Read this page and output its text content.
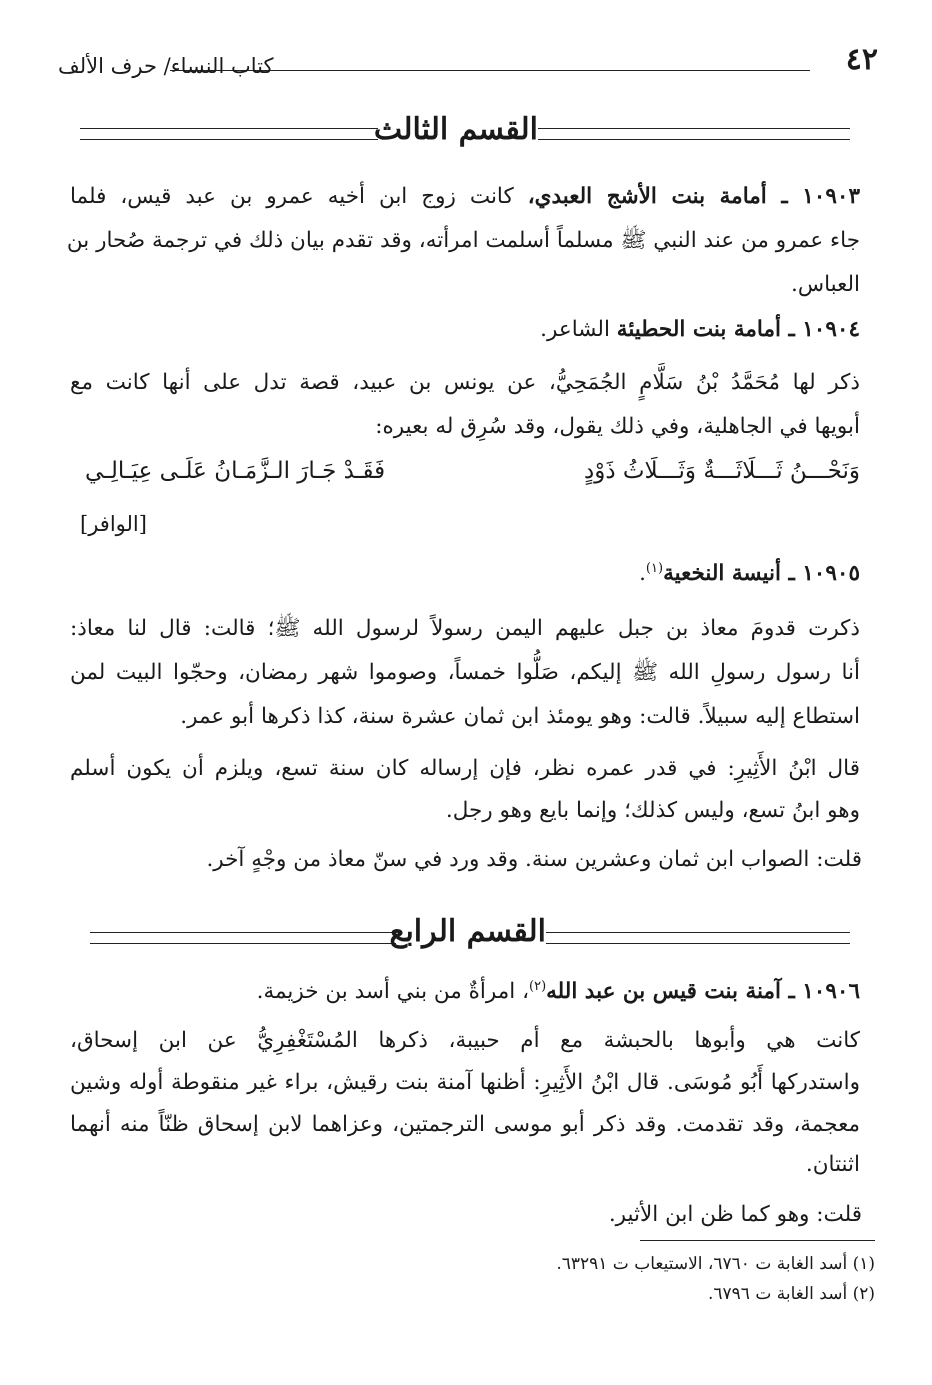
٤٢
كتاب النساء/ حرف الألف
القسم الثالث
١٠٩٠٣ ـ أمامة بنت الأشج العبدي، كانت زوج ابن أخيه عمرو بن عبد قيس، فلما
جاء عمرو من عند النبي ﷺ مسلماً أسلمت امرأته، وقد تقدم بيان ذلك في ترجمة صُحار بن
العباس.
١٠٩٠٤ ـ أمامة بنت الحطيئة الشاعر.
ذكر لها مُحَمَّدُ بْنُ سَلَّامٍ الجُمَحِيُّ، عن يونس بن عبيد، قصة تدل على أنها كانت مع
أبويها في الجاهلية، وفي ذلك يقول، وقد سُرِق له بعيره:
وَنَحْـــنُ ثَـــلَاثَـــةٌ وَثَـــلَاثُ ذَوْدٍ
فَقَـدْ جَـارَ الـزَّمَـانُ عَلَـى عِيَـالِـي
[الوافر]
١٠٩٠٥ ـ أنيسة النخعية$^{(١)}$.
ذكرت قدومَ معاذ بن جبل عليهم اليمن رسولاً لرسول الله ﷺ؛ قالت: قال لنا معاذ:
أنا رسول رسولِ الله ﷺ إليكم، صَلُّوا خمساً، وصوموا شهر رمضان، وحجّوا البيت لمن
استطاع إليه سبيلاً. قالت: وهو يومئذ ابن ثمان عشرة سنة، كذا ذكرها أبو عمر.
قال ابْنُ الأَثِيرِ: في قدر عمره نظر، فإن إرساله كان سنة تسع، ويلزم أن يكون أسلم
وهو ابنُ تسع، وليس كذلك؛ وإنما بايع وهو رجل.
قلت: الصواب ابن ثمان وعشرين سنة. وقد ورد في سنّ معاذ من وجْهٍ آخر.
القسم الرابع
١٠٩٠٦ ـ آمنة بنت قيس بن عبد الله$^{(٢)}$، امرأةٌ من بني أسد بن خزيمة.
كانت هي وأبوها بالحبشة مع أم حبيبة، ذكرها المُسْتَغْفِرِيُّ عن ابن إسحاق،
واستدركها أَبُو مُوسَى. قال ابْنُ الأَثِيرِ: أظنها آمنة بنت رقيش، براء غير منقوطة أوله وشين
معجمة، وقد تقدمت. وقد ذكر أبو موسى الترجمتين، وعزاهما لابن إسحاق ظنّاً منه أنهما
اثنتان.
قلت: وهو كما ظن ابن الأثير.
(١) أسد الغابة ت ٦٧٦٠، الاستيعاب ت ٦٣٢٩١.
(٢) أسد الغابة ت ٦٧٩٦.
